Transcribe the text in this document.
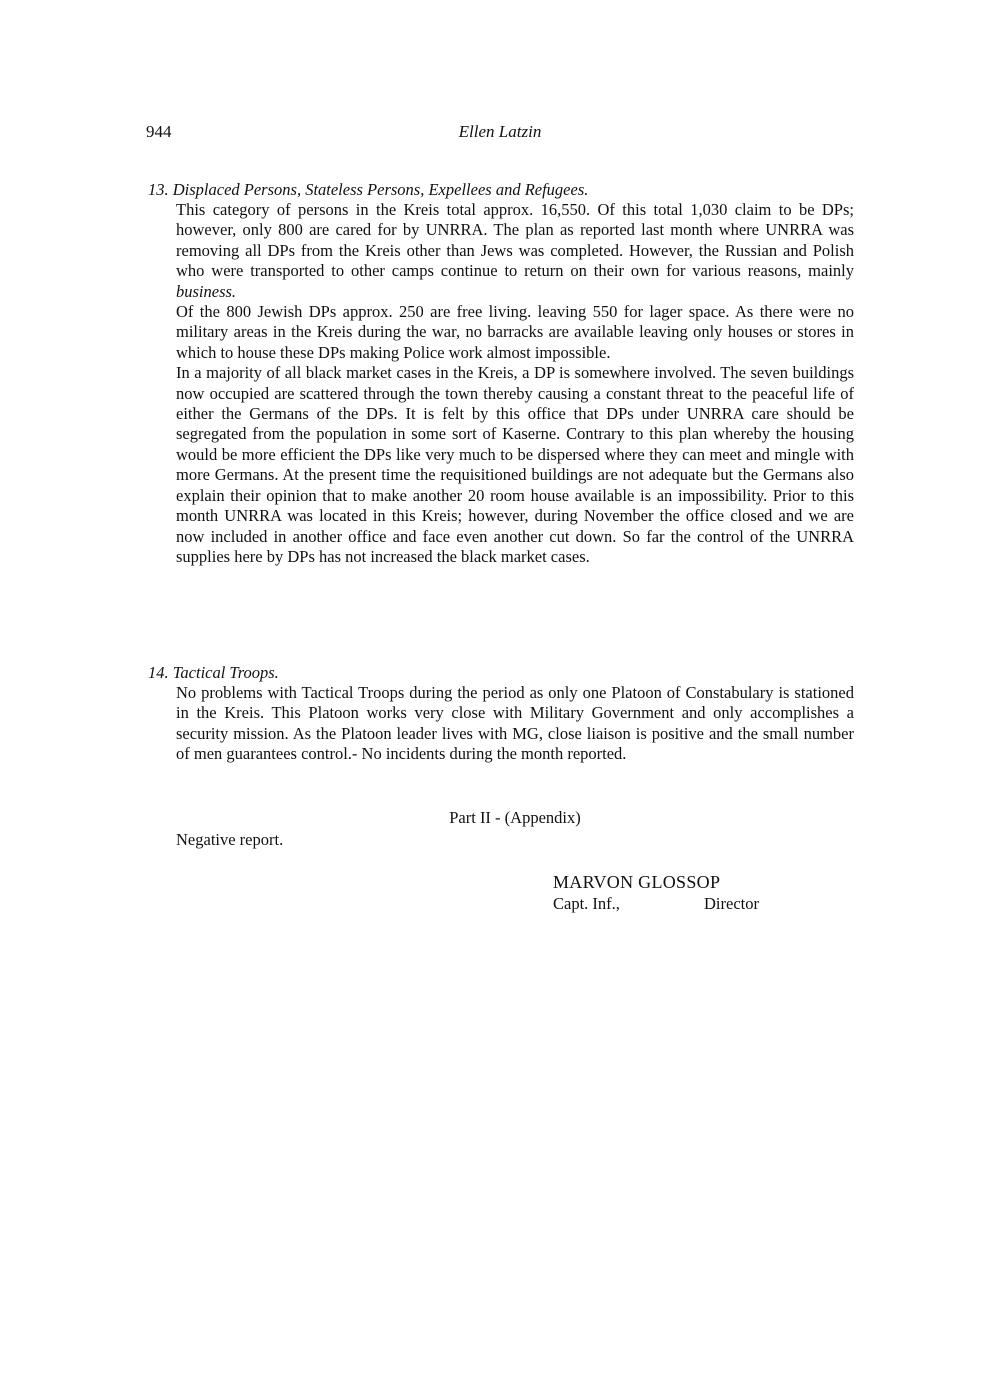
944	Ellen Latzin

13. Displaced Persons, Stateless Persons, Expellees and Refugees.

This category of persons in the Kreis total approx. 16,550. Of this total 1,030 claim to be DPs; however, only 800 are cared for by UNRRA. The plan as reported last month where UNRRA was removing all DPs from the Kreis other than Jews was completed. However, the Russian and Polish who were transported to other camps continue to return on their own for various reasons, mainly business.

Of the 800 Jewish DPs approx. 250 are free living. leaving 550 for lager space. As there were no military areas in the Kreis during the war, no barracks are available leaving only houses or stores in which to house these DPs making Police work almost impossible.

In a majority of all black market cases in the Kreis, a DP is somewhere involved. The seven buildings now occupied are scattered through the town thereby causing a constant threat to the peaceful life of either the Germans of the DPs. It is felt by this office that DPs under UNRRA care should be segregated from the population in some sort of Kaserne. Contrary to this plan whereby the housing would be more efficient the DPs like very much to be dispersed where they can meet and mingle with more Germans. At the present time the requisitioned buildings are not adequate but the Germans also explain their opinion that to make another 20 room house available is an impossibility. Prior to this month UNRRA was located in this Kreis; however, during November the office closed and we are now included in another office and face even another cut down. So far the control of the UNRRA supplies here by DPs has not increased the black market cases.

14. Tactical Troops.

No problems with Tactical Troops during the period as only one Platoon of Constabulary is stationed in the Kreis. This Platoon works very close with Military Government and only accomplishes a security mission. As the Platoon leader lives with MG, close liaison is positive and the small number of men guarantees control.- No incidents during the month reported.

Part II - (Appendix)
Negative report.
MARVON GLOSSOP
Capt. Inf.,	Director
